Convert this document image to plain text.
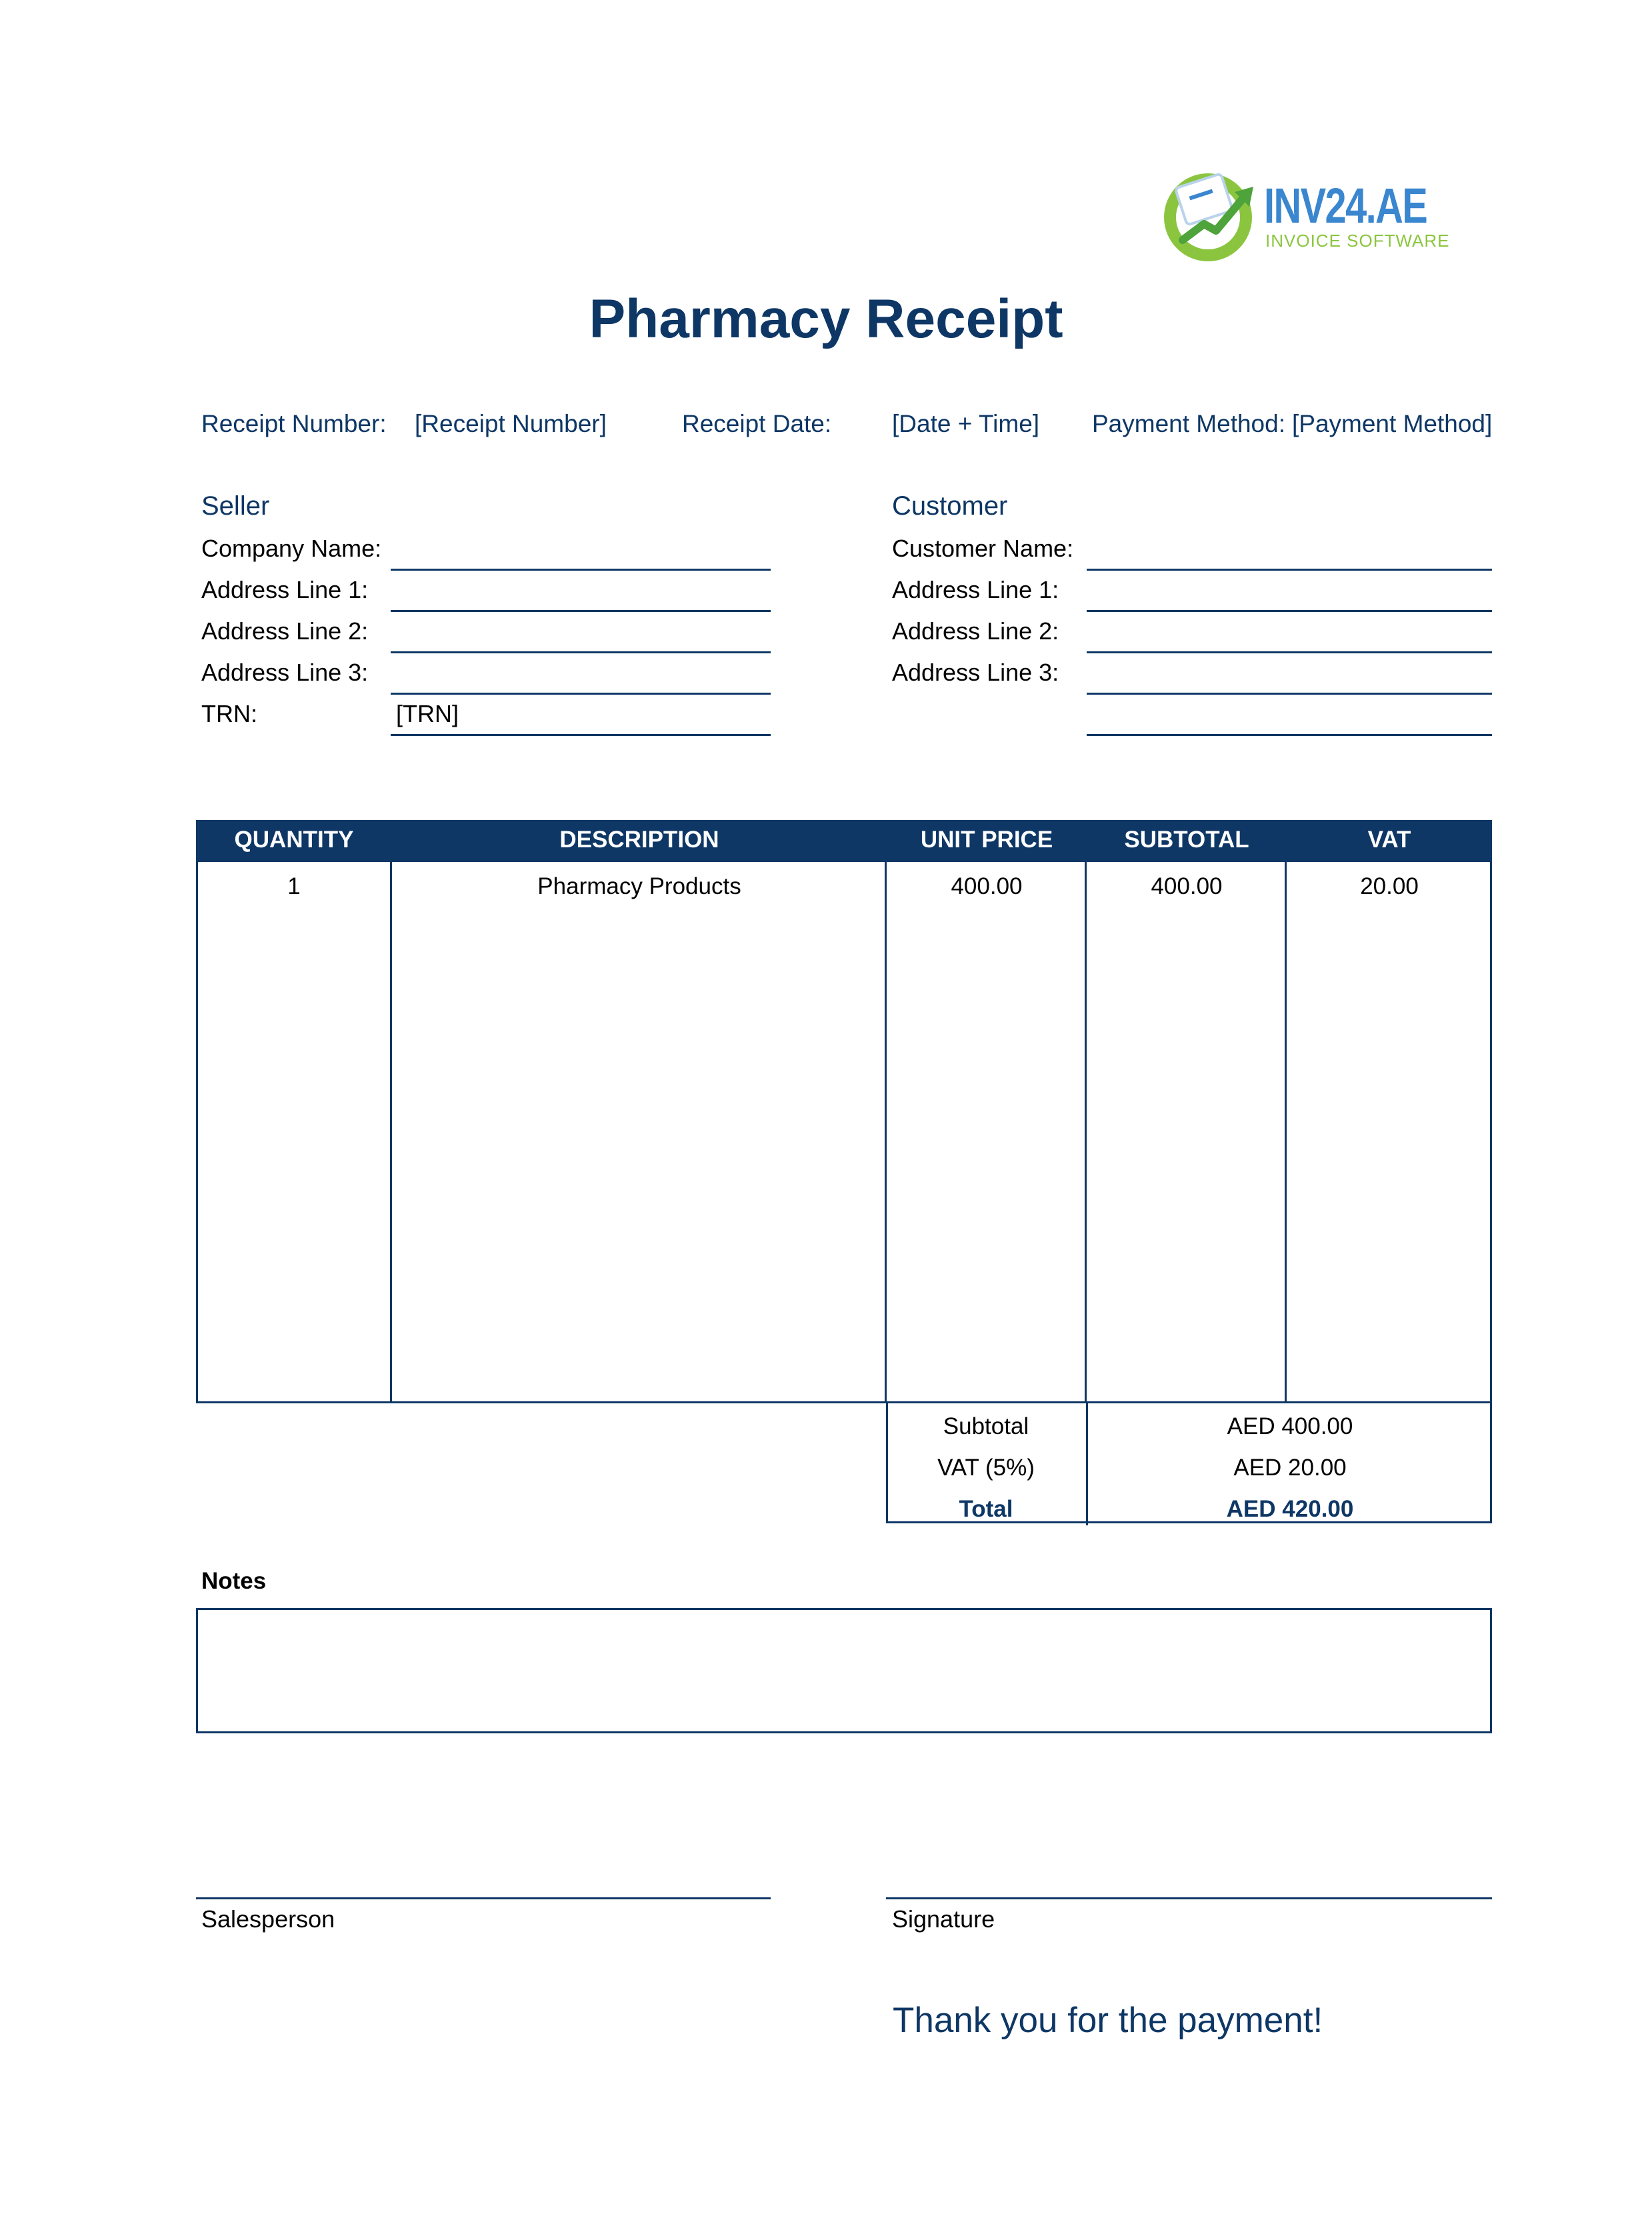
INV24.AE
INVOICE SOFTWARE
Pharmacy Receipt
Receipt Number: [Receipt Number]	Receipt Date: [Date + Time] Payment Method: [Payment Method]
Seller
Company Name:
Address Line 1:
Address Line 2:
Address Line 3:
TRN:	[TRN]
Customer
Customer Name:
Address Line 1:
Address Line 2:
Address Line 3:
QUANTITY	DESCRIPTION	UNIT PRICE	SUBTOTAL	VAT
1	Pharmacy Products	400.00	400.00	20.00
Subtotal	AED 400.00
VAT (5%)	AED 20.00
Total	AED 420.00
Notes
Salesperson	Signature
Thank you for the payment!
